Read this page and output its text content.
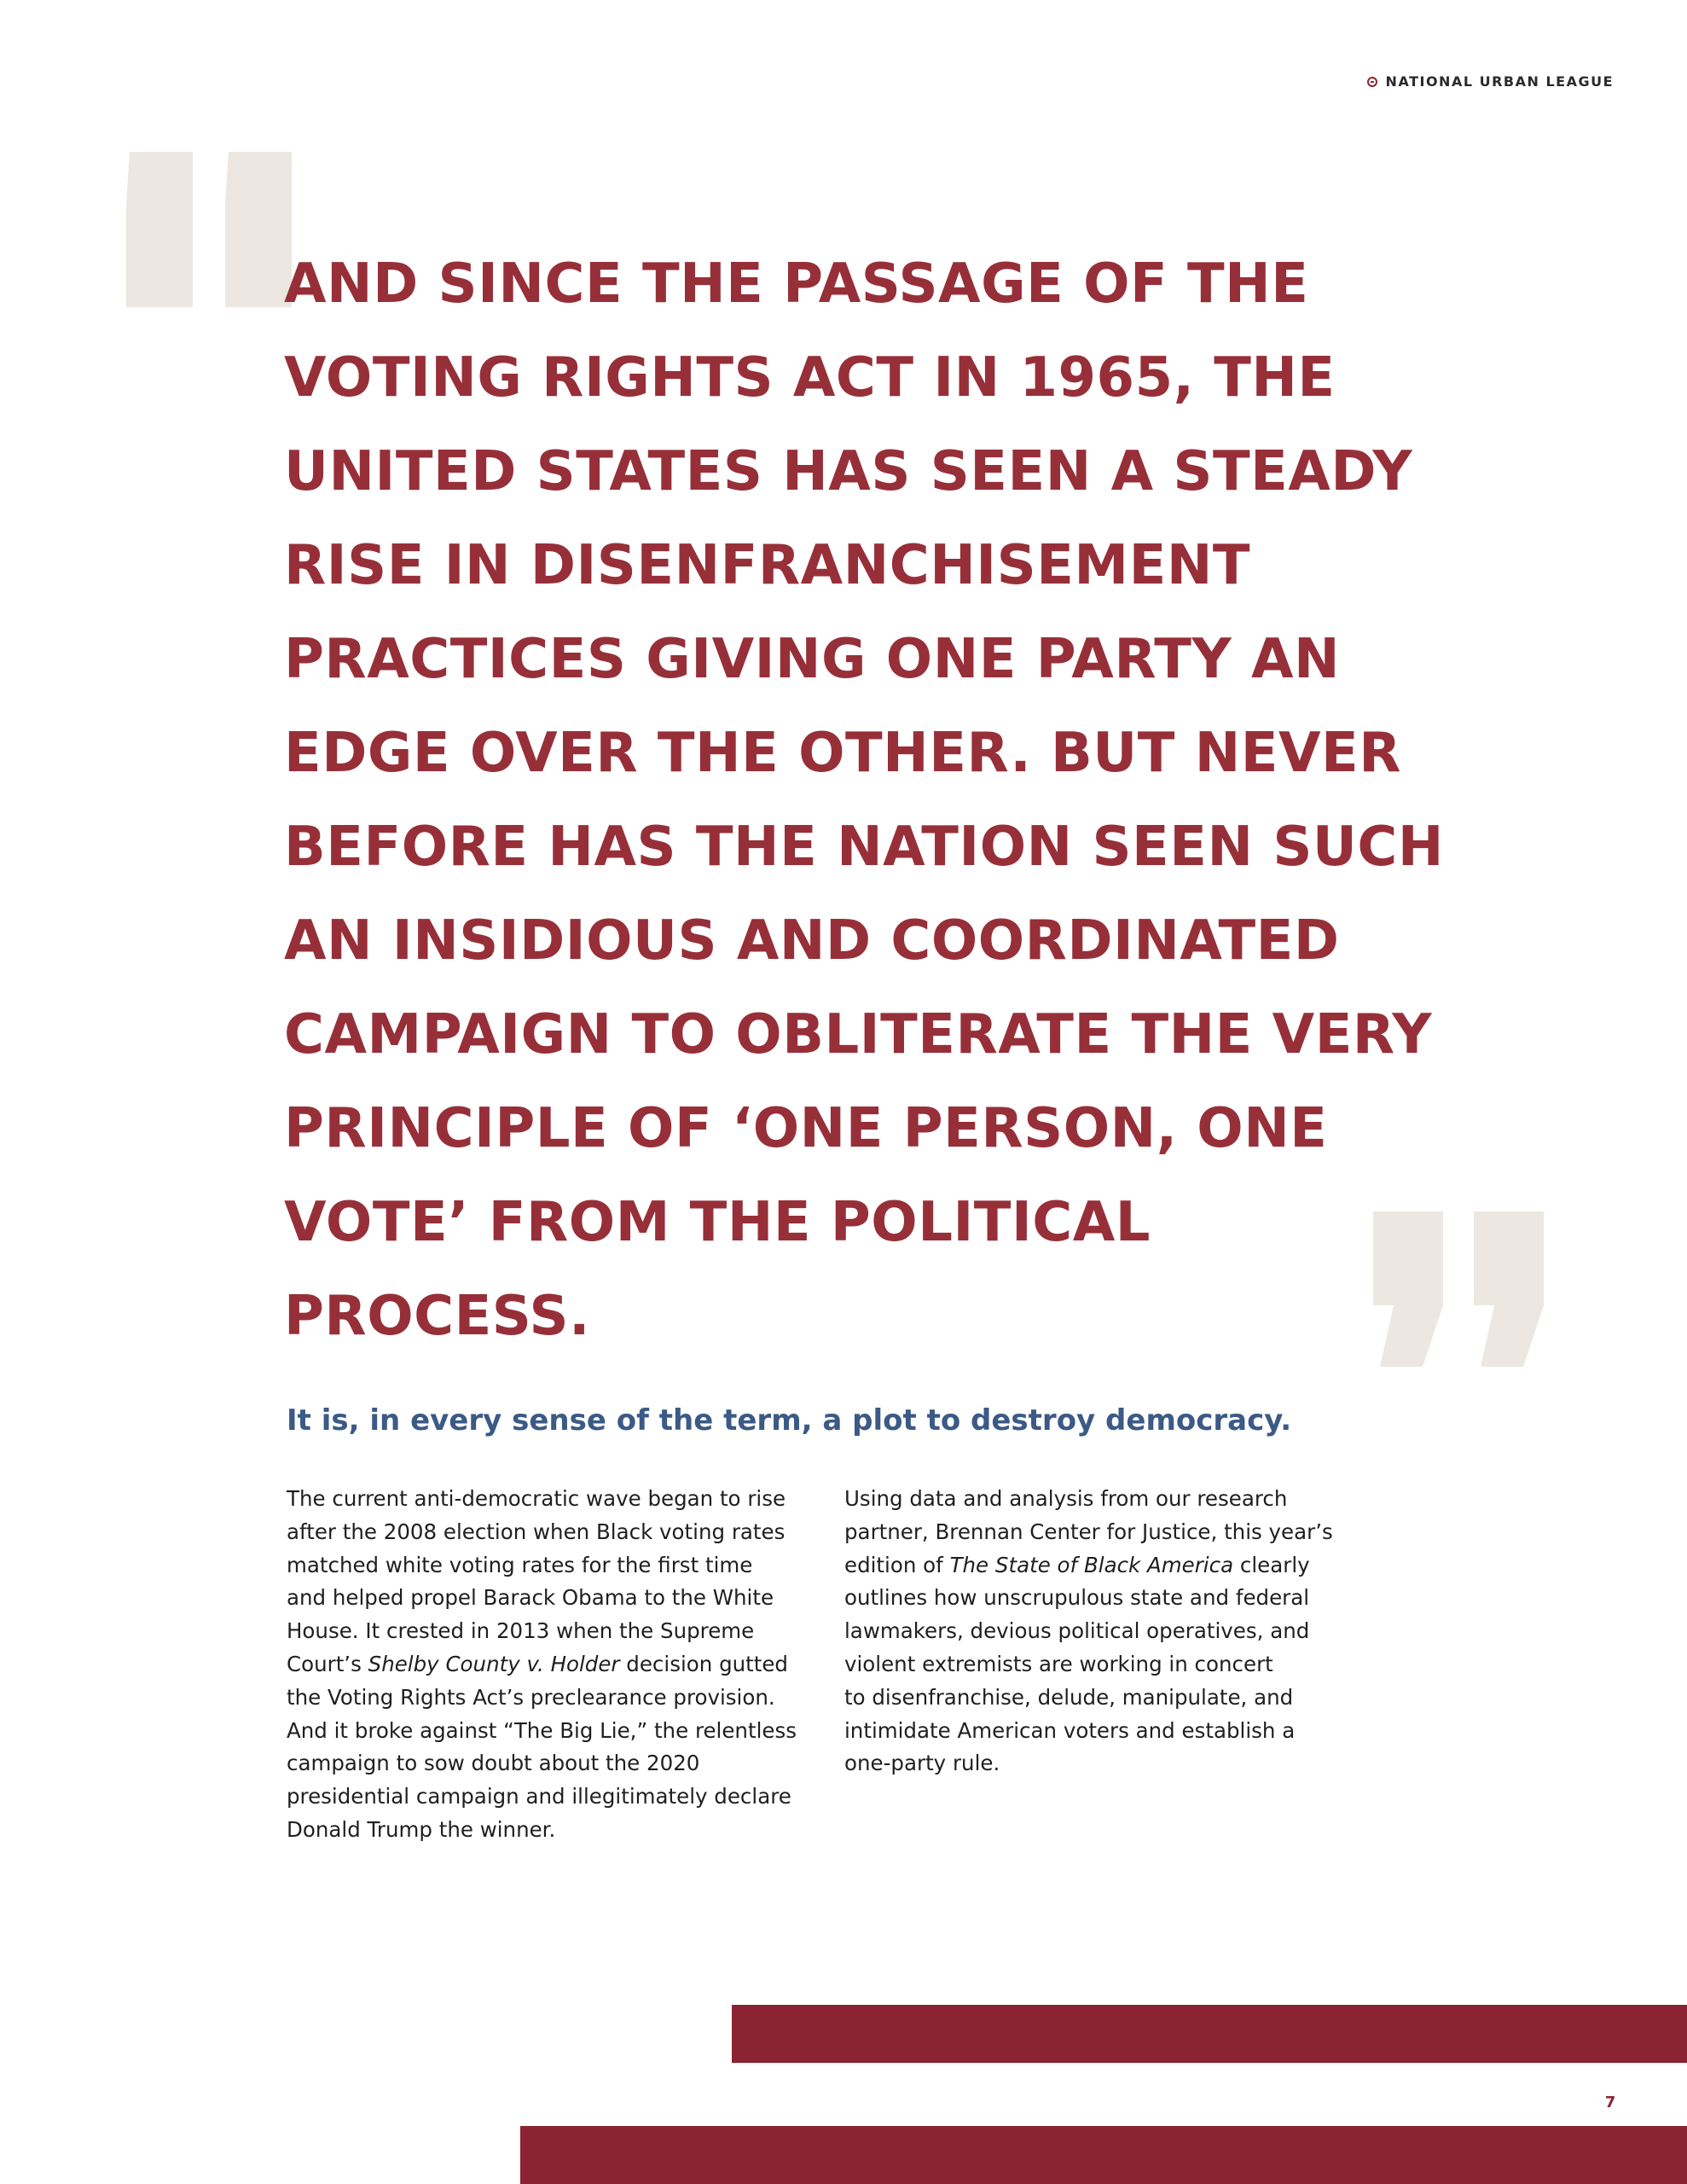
NATIONAL URBAN LEAGUE

AND SINCE THE PASSAGE OF THE
VOTING RIGHTS ACT IN 1965, THE
UNITED STATES HAS SEEN A STEADY
RISE IN DISENFRANCHISEMENT
PRACTICES GIVING ONE PARTY AN
EDGE OVER THE OTHER. BUT NEVER
BEFORE HAS THE NATION SEEN SUCH
AN INSIDIOUS AND COORDINATED
CAMPAIGN TO OBLITERATE THE VERY
PRINCIPLE OF ‘ONE PERSON, ONE
VOTE’ FROM THE POLITICAL PROCESS.

It is, in every sense of the term, a plot to destroy democracy.

The current anti-democratic wave began to rise
after the 2008 election when Black voting rates
matched white voting rates for the first time
and helped propel Barack Obama to the White
House. It crested in 2013 when the Supreme
Court’s Shelby County v. Holder decision gutted
the Voting Rights Act’s preclearance provision.
And it broke against “The Big Lie,” the relentless
campaign to sow doubt about the 2020
presidential campaign and illegitimately declare
Donald Trump the winner.

Using data and analysis from our research
partner, Brennan Center for Justice, this year’s
edition of The State of Black America clearly
outlines how unscrupulous state and federal
lawmakers, devious political operatives, and
violent extremists are working in concert
to disenfranchise, delude, manipulate, and
intimidate American voters and establish a
one-party rule.

7
